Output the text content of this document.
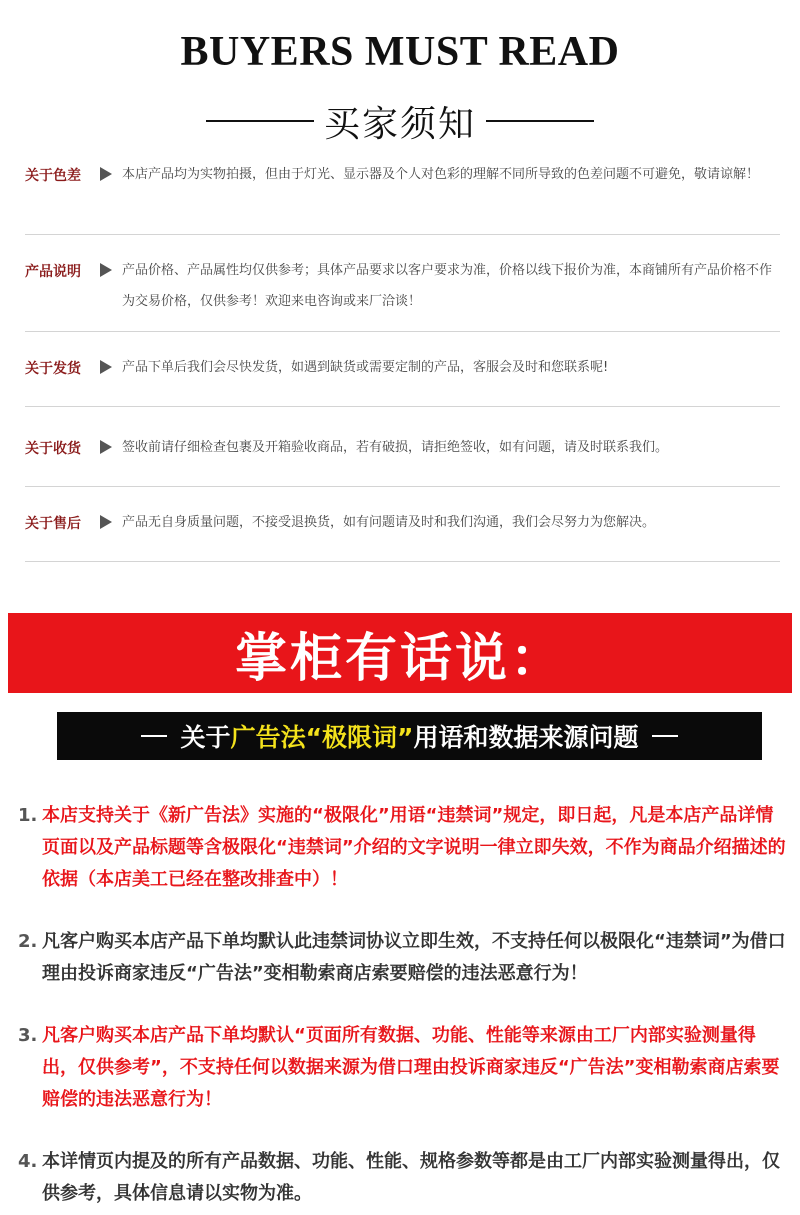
BUYERS MUST READ
买家须知
关于色差	本店产品均为实物拍摄，但由于灯光、显示器及个人对色彩的理解不同所导致的色差问题不可避免，敬请谅解！
产品说明	产品价格、产品属性均仅供参考；具体产品要求以客户要求为准，价格以线下报价为准，本商铺所有产品价格不作为交易价格，仅供参考！欢迎来电咨询或来厂洽谈！
关于发货	产品下单后我们会尽快发货，如遇到缺货或需要定制的产品，客服会及时和您联系呢!
关于收货	签收前请仔细检查包裹及开箱验收商品，若有破损，请拒绝签收，如有问题，请及时联系我们。
关于售后	产品无自身质量问题，不接受退换货，如有问题请及时和我们沟通，我们会尽努力为您解决。
掌柜有话说：
关于 广告法“极限词” 用语和数据来源问题
1. 本店支持关于《新广告法》实施的“极限化”用语“违禁词”规定，即日起，凡是本店产品详情页面以及产品标题等含极限化“违禁词”介绍的文字说明一律立即失效，不作为商品介绍描述的依据（本店美工已经在整改排查中）！
2. 凡客户购买本店产品下单均默认此违禁词协议立即生效，不支持任何以极限化“违禁词”为借口理由投诉商家违反“广告法”变相勒索商店索要赔偿的违法恶意行为！
3. 凡客户购买本店产品下单均默认“页面所有数据、功能、性能等来源由工厂内部实验测量得出，仅供参考”，不支持任何以数据来源为借口理由投诉商家违反“广告法”变相勒索商店索要赔偿的违法恶意行为！
4. 本详情页内提及的所有产品数据、功能、性能、规格参数等都是由工厂内部实验测量得出，仅供参考，具体信息请以实物为准。
